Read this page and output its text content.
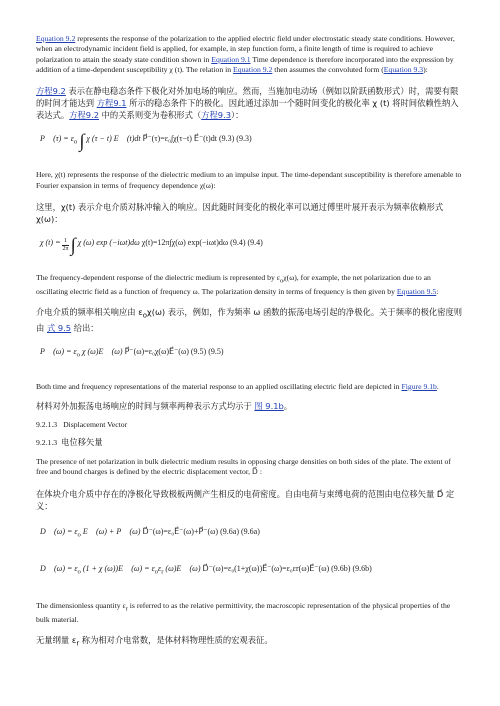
Equation 9.2 represents the response of the polarization to the applied electric field under electrostatic steady state conditions. However, when an electrodynamic incident field is applied, for example, in step function form, a finite length of time is required to achieve polarization to attain the steady state condition shown in Equation 9.1 Time dependence is therefore incorporated into the expression by addition of a time-dependent susceptibility χ (t). The relation in Equation 9.2 then assumes the convoluted form (Equation 9.3):

方程9.2 表示在静电稳态条件下极化对外加电场的响应。然而，当施加电动场（例如以阶跃函数形式）时，需要有限的时间才能达到 方程9.1 所示的稳态条件下的极化。因此通过添加一个随时间变化的极化率 χ (t) 将时间依赖性纳入表达式。方程9.2 中的关系则变为卷积形式（方程9.3）：

P⃗ $(\tau) = \varepsilon_o$ ∫ χ (τ − t) E⃗ (t)dt P⃗⁻(τ)=ε₀∫χ(τ−t) E⃗⁻(t)dt (9.3) (9.3)

Here, χ(t) represents the response of the dielectric medium to an impulse input. The time-dependant susceptibility is therefore amenable to Fourier expansion in terms of frequency dependence χ(ω):

这里，χ(t) 表示介电介质对脉冲输入的响应。因此随时间变化的极化率可以通过傅里叶展开表示为频率依赖形式 χ(ω)：

χ $(t) = \frac{1}{2\pi}$ ∫ χ (ω) exp (−iωt)dω χ(t)=12π∫χ(ω) exp(−iωt)dω (9.4) (9.4)

The frequency-dependent response of the dielectric medium is represented by $\varepsilon_o\chi(\omega)$, for example, the net polarization due to an oscillating electric field as a function of frequency ω. The polarization density in terms of frequency is then given by Equation 9.5:

介电介质的频率相关响应由 $\varepsilon_o\chi(\omega)$ 表示，例如，作为频率 ω 函数的振荡电场引起的净极化。关于频率的极化密度则由 式 9.5 给出：

P⃗ $(\omega) = \varepsilon_o$ χ (ω)E⃗ (ω) P⃗⁻(ω)=ε₀χ(ω)E⃗⁻(ω) (9.5) (9.5)

Both time and frequency representations of the material response to an applied oscillating electric field are depicted in Figure 9.1b.

材料对外加振荡电场响应的时间与频率两种表示方式均示于 图 9.1b。

9.2.1.3 Displacement Vector
9.2.1.3 电位移矢量

The presence of net polarization in bulk dielectric medium results in opposing charge densities on both sides of the plate. The extent of free and bound charges is defined by the electric displacement vector, D⃗ :

在体块介电介质中存在的净极化导致极板两侧产生相反的电荷密度。自由电荷与束缚电荷的范围由电位移矢量 D⃗ 定义：

D⃗ $(\omega) = \varepsilon_o$ E⃗ (ω) + P⃗ (ω) D⃗⁻(ω)=ε₀E⃗⁻(ω)+P⃗⁻(ω) (9.6a) (9.6a)
D⃗ $(\omega) = \varepsilon_o$ (1 + χ (ω))E⃗ $(\omega) = \varepsilon_o\varepsilon_r$ (ω)E⃗ (ω) D⃗⁻(ω)=ε₀(1+χ(ω))E⃗⁻(ω)=ε₀εr(ω)E⃗⁻(ω) (9.6b) (9.6b)

The dimensionless quantity $\varepsilon_r$ is referred to as the relative permittivity, the macroscopic representation of the physical properties of the bulk material.

无量纲量 $\varepsilon_r$ 称为相对介电常数，是体材料物理性质的宏观表征。
